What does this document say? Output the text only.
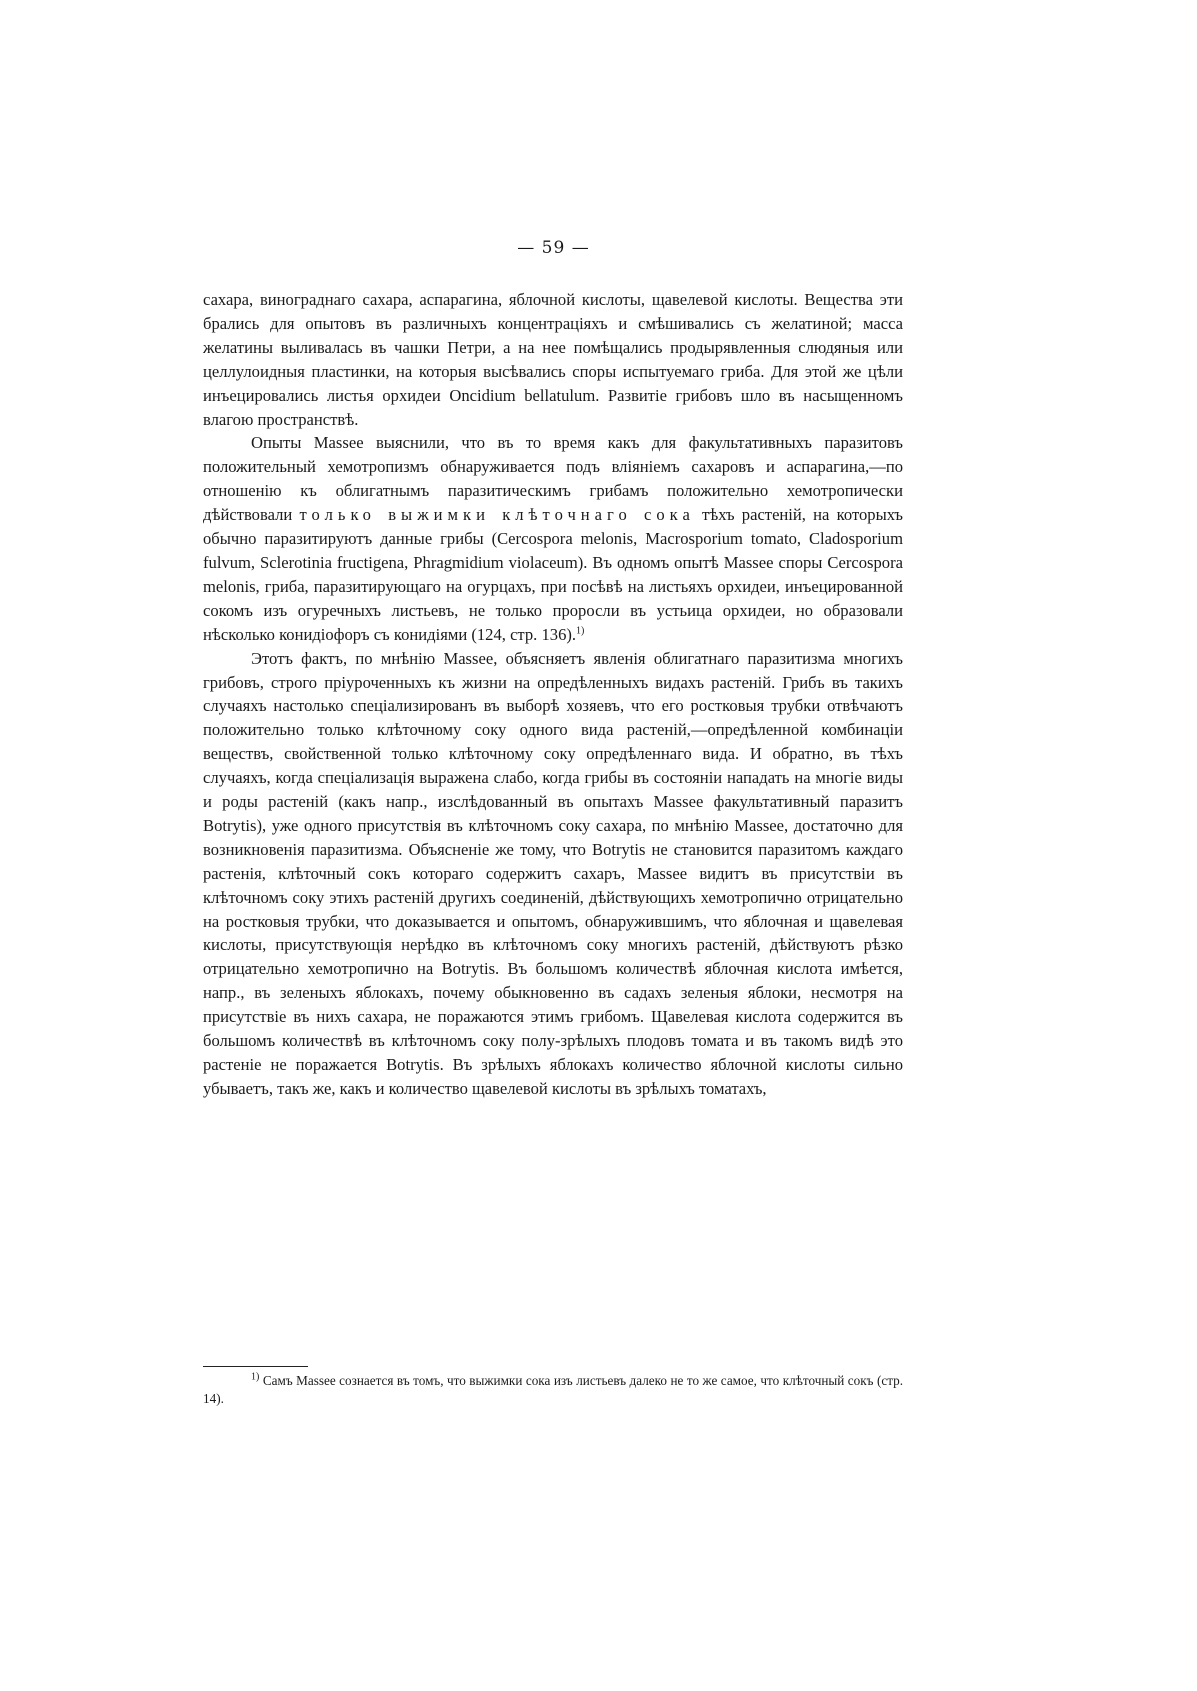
— 59 —

сахара, винограднаго сахара, аспарагина, яблочной кислоты, щавелевой кислоты. Вещества эти брались для опытовъ въ различныхъ концентраціяхъ и смѣшивались съ желатиной; масса желатины выливалась въ чашки Петри, а на нее помѣщались продырявленныя слюдяныя или целлулоидныя пластинки, на которыя высѣвались споры испытуемаго гриба. Для этой же цѣли инъецировались листья орхидеи Oncidium bellatulum. Развитіе грибовъ шло въ насыщенномъ влагою пространствѣ.

Опыты Massee выяснили, что въ то время какъ для факультативныхъ паразитовъ положительный хемотропизмъ обнаруживается подъ вліяніемъ сахаровъ и аспарагина,—по отношенію къ облигатнымъ паразитическимъ грибамъ положительно хемотропически дѣйствовали только выжимки клѣточнаго сока тѣхъ растеній, на которыхъ обычно паразитируютъ данные грибы (Cercospora melonis, Macrosporium tomato, Cladosporium fulvum, Sclerotinia fructigena, Phragmidium violaceum). Въ одномъ опытѣ Massee споры Cercospora melonis, гриба, паразитирующаго на огурцахъ, при посѣвѣ на листьяхъ орхидеи, инъецированной сокомъ изъ огуречныхъ листьевъ, не только проросли въ устьица орхидеи, но образовали нѣсколько конидіофоръ съ конидіями (124, стр. 136).$^{1)}$

Этотъ фактъ, по мнѣнію Massee, объясняетъ явленія облигатнаго паразитизма многихъ грибовъ, строго пріуроченныхъ къ жизни на опредѣленныхъ видахъ растеній. Грибъ въ такихъ случаяхъ настолько спеціализированъ въ выборѣ хозяевъ, что его ростковыя трубки отвѣчаютъ положительно только клѣточному соку одного вида растеній,—опредѣленной комбинаціи веществъ, свойственной только клѣточному соку опредѣленнаго вида. И обратно, въ тѣхъ случаяхъ, когда спеціализація выражена слабо, когда грибы въ состояніи нападать на многіе виды и роды растеній (какъ напр., изслѣдованный въ опытахъ Massee факультативный паразитъ Botrytis), уже одного присутствія въ клѣточномъ соку сахара, по мнѣнію Massee, достаточно для возникновенія паразитизма. Объясненіе же тому, что Botrytis не становится паразитомъ каждаго растенія, клѣточный сокъ котораго содержитъ сахаръ, Massee видитъ въ присутствіи въ клѣточномъ соку этихъ растеній другихъ соединеній, дѣйствующихъ хемотропично отрицательно на ростковыя трубки, что доказывается и опытомъ, обнаружившимъ, что яблочная и щавелевая кислоты, присутствующія нерѣдко въ клѣточномъ соку многихъ растеній, дѣйствуютъ рѣзко отрицательно хемотропично на Botrytis. Въ большомъ количествѣ яблочная кислота имѣется, напр., въ зеленыхъ яблокахъ, почему обыкновенно въ садахъ зеленыя яблоки, несмотря на присутствіе въ нихъ сахара, не поражаются этимъ грибомъ. Щавелевая кислота содержится въ большомъ количествѣ въ клѣточномъ соку полу-зрѣлыхъ плодовъ томата и въ такомъ видѣ это растеніе не поражается Botrytis. Въ зрѣлыхъ яблокахъ количество яблочной кислоты сильно убываетъ, такъ же, какъ и количество щавелевой кислоты въ зрѣлыхъ томатахъ,

$^{1)}$ Самъ Massee сознается въ томъ, что выжимки сока изъ листьевъ далеко не то же самое, что клѣточный сокъ (стр. 14).
